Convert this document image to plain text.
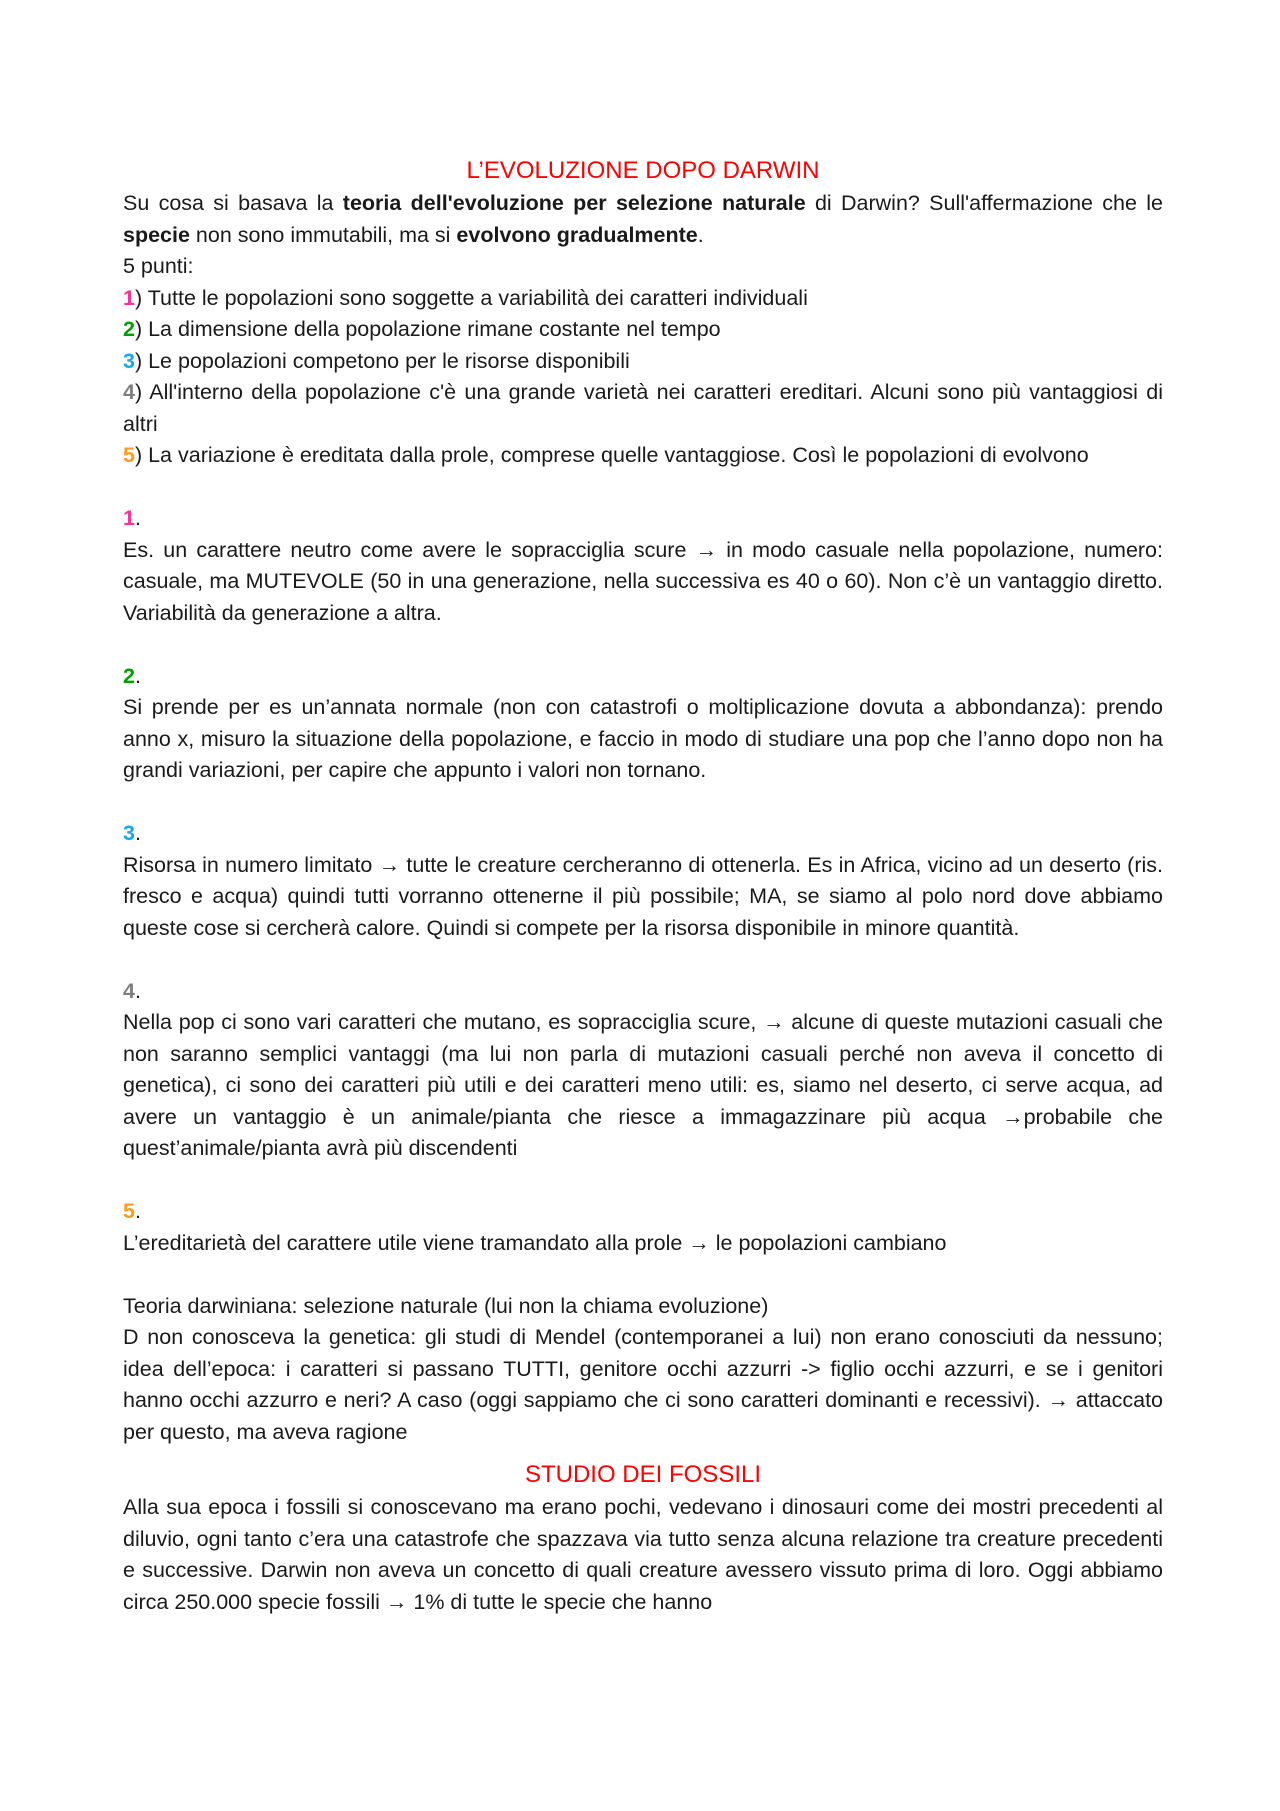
L’EVOLUZIONE DOPO DARWIN

Su cosa si basava la teoria dell'evoluzione per selezione naturale di Darwin? Sull'affermazione che le specie non sono immutabili, ma si evolvono gradualmente.

5 punti:

1) Tutte le popolazioni sono soggette a variabilità dei caratteri individuali

2) La dimensione della popolazione rimane costante nel tempo

3) Le popolazioni competono per le risorse disponibili

4) All'interno della popolazione c'è una grande varietà nei caratteri ereditari. Alcuni sono più vantaggiosi di altri

5) La variazione è ereditata dalla prole, comprese quelle vantaggiose. Così le popolazioni di evolvono

1.

Es. un carattere neutro come avere le sopracciglia scure → in modo casuale nella popolazione, numero: casuale, ma MUTEVOLE (50 in una generazione, nella successiva es 40 o 60). Non c’è un vantaggio diretto. Variabilità da generazione a altra.

2.

Si prende per es un’annata normale (non con catastrofi o moltiplicazione dovuta a abbondanza): prendo anno x, misuro la situazione della popolazione, e faccio in modo di studiare una pop che l’anno dopo non ha grandi variazioni, per capire che appunto i valori non tornano.

3.

Risorsa in numero limitato → tutte le creature cercheranno di ottenerla. Es in Africa, vicino ad un deserto (ris. fresco e acqua) quindi tutti vorranno ottenerne il più possibile; MA, se siamo al polo nord dove abbiamo queste cose si cercherà calore. Quindi si compete per la risorsa disponibile in minore quantità.

4.

Nella pop ci sono vari caratteri che mutano, es sopracciglia scure, → alcune di queste mutazioni casuali che non saranno semplici vantaggi (ma lui non parla di mutazioni casuali perché non aveva il concetto di genetica), ci sono dei caratteri più utili e dei caratteri meno utili: es, siamo nel deserto, ci serve acqua, ad avere un vantaggio è un animale/pianta che riesce a immagazzinare più acqua →probabile che quest’animale/pianta avrà più discendenti

5.

L’ereditarietà del carattere utile viene tramandato alla prole → le popolazioni cambiano

Teoria darwiniana: selezione naturale (lui non la chiama evoluzione)

D non conosceva la genetica: gli studi di Mendel (contemporanei a lui) non erano conosciuti da nessuno; idea dell’epoca: i caratteri si passano TUTTI, genitore occhi azzurri -> figlio occhi azzurri, e se i genitori hanno occhi azzurro e neri? A caso (oggi sappiamo che ci sono caratteri dominanti e recessivi). → attaccato per questo, ma aveva ragione

STUDIO DEI FOSSILI

Alla sua epoca i fossili si conoscevano ma erano pochi, vedevano i dinosauri come dei mostri precedenti al diluvio, ogni tanto c’era una catastrofe che spazzava via tutto senza alcuna relazione tra creature precedenti e successive. Darwin non aveva un concetto di quali creature avessero vissuto prima di loro. Oggi abbiamo circa 250.000 specie fossili → 1% di tutte le specie che hanno
